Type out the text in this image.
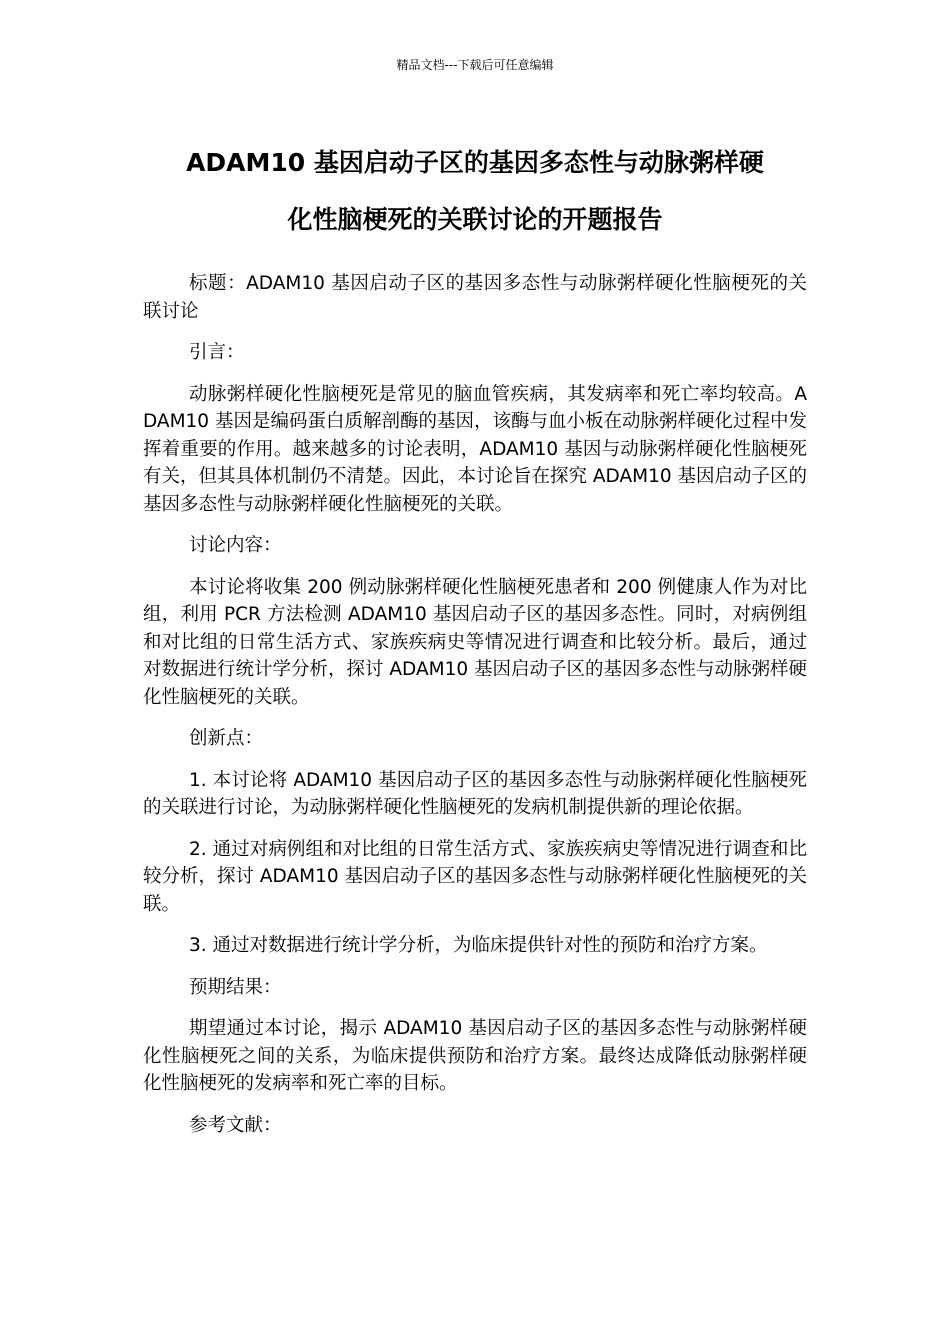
精品文档---下载后可任意编辑
ADAM10 基因启动子区的基因多态性与动脉粥样硬
化性脑梗死的关联讨论的开题报告

标题：ADAM10 基因启动子区的基因多态性与动脉粥样硬化性脑梗死的关联讨论

引言：

动脉粥样硬化性脑梗死是常见的脑血管疾病，其发病率和死亡率均较高。ADAM10 基因是编码蛋白质解剖酶的基因，该酶与血小板在动脉粥样硬化过程中发挥着重要的作用。越来越多的讨论表明，ADAM10 基因与动脉粥样硬化性脑梗死有关，但其具体机制仍不清楚。因此，本讨论旨在探究 ADAM10 基因启动子区的基因多态性与动脉粥样硬化性脑梗死的关联。

讨论内容：

本讨论将收集 200 例动脉粥样硬化性脑梗死患者和 200 例健康人作为对比组，利用 PCR 方法检测 ADAM10 基因启动子区的基因多态性。同时，对病例组和对比组的日常生活方式、家族疾病史等情况进行调查和比较分析。最后，通过对数据进行统计学分析，探讨 ADAM10 基因启动子区的基因多态性与动脉粥样硬化性脑梗死的关联。

创新点：

1. 本讨论将 ADAM10 基因启动子区的基因多态性与动脉粥样硬化性脑梗死的关联进行讨论，为动脉粥样硬化性脑梗死的发病机制提供新的理论依据。

2. 通过对病例组和对比组的日常生活方式、家族疾病史等情况进行调查和比较分析，探讨 ADAM10 基因启动子区的基因多态性与动脉粥样硬化性脑梗死的关联。

3. 通过对数据进行统计学分析，为临床提供针对性的预防和治疗方案。

预期结果：

期望通过本讨论，揭示 ADAM10 基因启动子区的基因多态性与动脉粥样硬化性脑梗死之间的关系，为临床提供预防和治疗方案。最终达成降低动脉粥样硬化性脑梗死的发病率和死亡率的目标。

参考文献：
